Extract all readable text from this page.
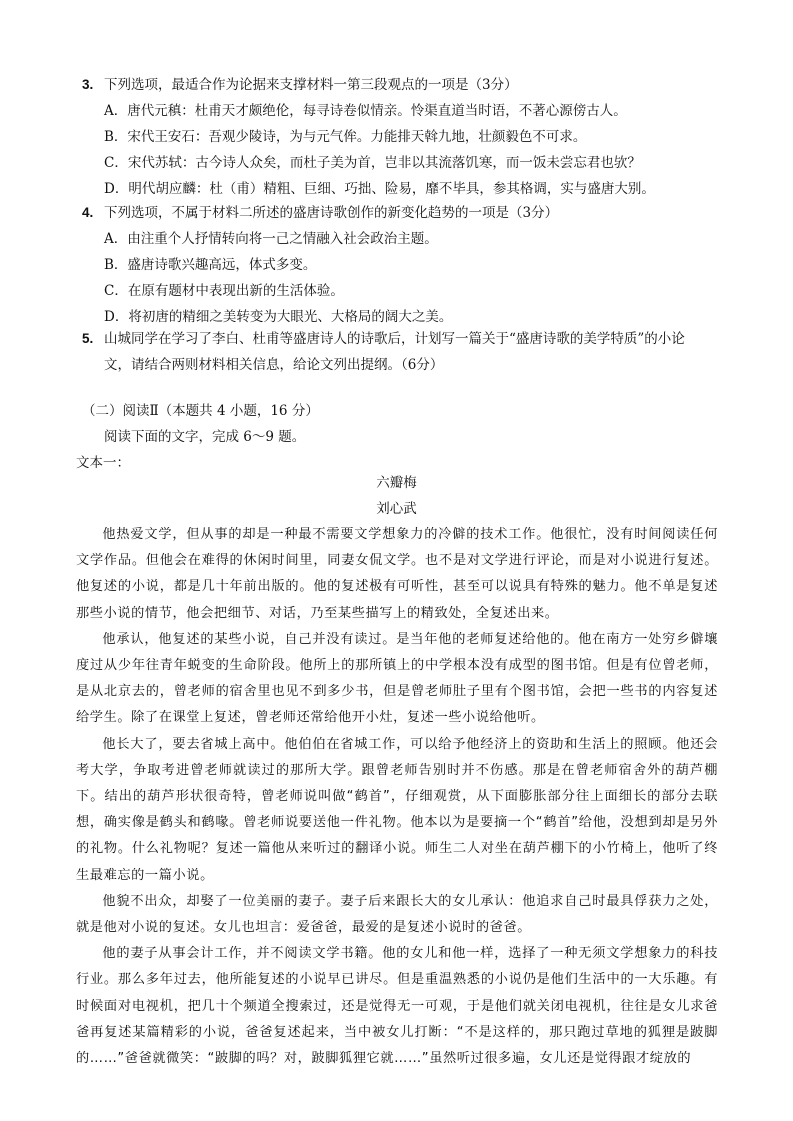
3. 下列选项，最适合作为论据来支撑材料一第三段观点的一项是（3分）
A．唐代元稹：杜甫天才颇绝伦，每寻诗卷似情亲。怜渠直道当时语，不著心源傍古人。
B．宋代王安石：吾观少陵诗，为与元气侔。力能排天斡九地，壮颜毅色不可求。
C．宋代苏轼：古今诗人众矣，而杜子美为首，岂非以其流落饥寒，而一饭未尝忘君也欤？
D．明代胡应麟：杜（甫）精粗、巨细、巧拙、险易，靡不毕具，参其格调，实与盛唐大别。
4. 下列选项，不属于材料二所述的盛唐诗歌创作的新变化趋势的一项是（3分）
A．由注重个人抒情转向将一己之情融入社会政治主题。
B．盛唐诗歌兴趣高远，体式多变。
C．在原有题材中表现出新的生活体验。
D．将初唐的精细之美转变为大眼光、大格局的阔大之美。
5. 山城同学在学习了李白、杜甫等盛唐诗人的诗歌后，计划写一篇关于“盛唐诗歌的美学特质”的小论
文，请结合两则材料相关信息，给论文列出提纲。（6分）
（二）阅读Ⅱ（本题共 4 小题，16 分）
阅读下面的文字，完成 6～9 题。
文本一：
六瓣梅
刘心武

他热爱文学，但从事的却是一种最不需要文学想象力的冷僻的技术工作。他很忙，没有时间阅读任何文学作品。但他会在难得的休闲时间里，同妻女侃文学。也不是对文学进行评论，而是对小说进行复述。他复述的小说，都是几十年前出版的。他的复述极有可听性，甚至可以说具有特殊的魅力。他不单是复述那些小说的情节，他会把细节、对话，乃至某些描写上的精致处，全复述出来。

他承认，他复述的某些小说，自己并没有读过。是当年他的老师复述给他的。他在南方一处穷乡僻壤度过从少年往青年蜕变的生命阶段。他所上的那所镇上的中学根本没有成型的图书馆。但是有位曾老师，是从北京去的，曾老师的宿舍里也见不到多少书，但是曾老师肚子里有个图书馆，会把一些书的内容复述给学生。除了在课堂上复述，曾老师还常给他开小灶，复述一些小说给他听。

他长大了，要去省城上高中。他伯伯在省城工作，可以给予他经济上的资助和生活上的照顾。他还会考大学，争取考进曾老师就读过的那所大学。跟曾老师告别时并不伤感。那是在曾老师宿舍外的葫芦棚下。结出的葫芦形状很奇特，曾老师说叫做“鹤首”，仔细观赏，从下面膨胀部分往上面细长的部分去联想，确实像是鹤头和鹤喙。曾老师说要送他一件礼物。他本以为是要摘一个“鹤首”给他，没想到却是另外的礼物。什么礼物呢？复述一篇他从来听过的翻译小说。师生二人对坐在葫芦棚下的小竹椅上，他听了终生最难忘的一篇小说。

他貌不出众，却娶了一位美丽的妻子。妻子后来跟长大的女儿承认：他追求自己时最具俘获力之处，就是他对小说的复述。女儿也坦言：爱爸爸，最爱的是复述小说时的爸爸。

他的妻子从事会计工作，并不阅读文学书籍。他的女儿和他一样，选择了一种无须文学想象力的科技行业。那么多年过去，他所能复述的小说早已讲尽。但是重温熟悉的小说仍是他们生活中的一大乐趣。有时候面对电视机，把几十个频道全搜索过，还是觉得无一可观，于是他们就关闭电视机，往往是女儿求爸爸再复述某篇精彩的小说，爸爸复述起来，当中被女儿打断：“不是这样的，那只跑过草地的狐狸是跛脚的……”爸爸就微笑：“跛脚的吗？对，跛脚狐狸它就……”虽然听过很多遍，女儿还是觉得跟才绽放的
